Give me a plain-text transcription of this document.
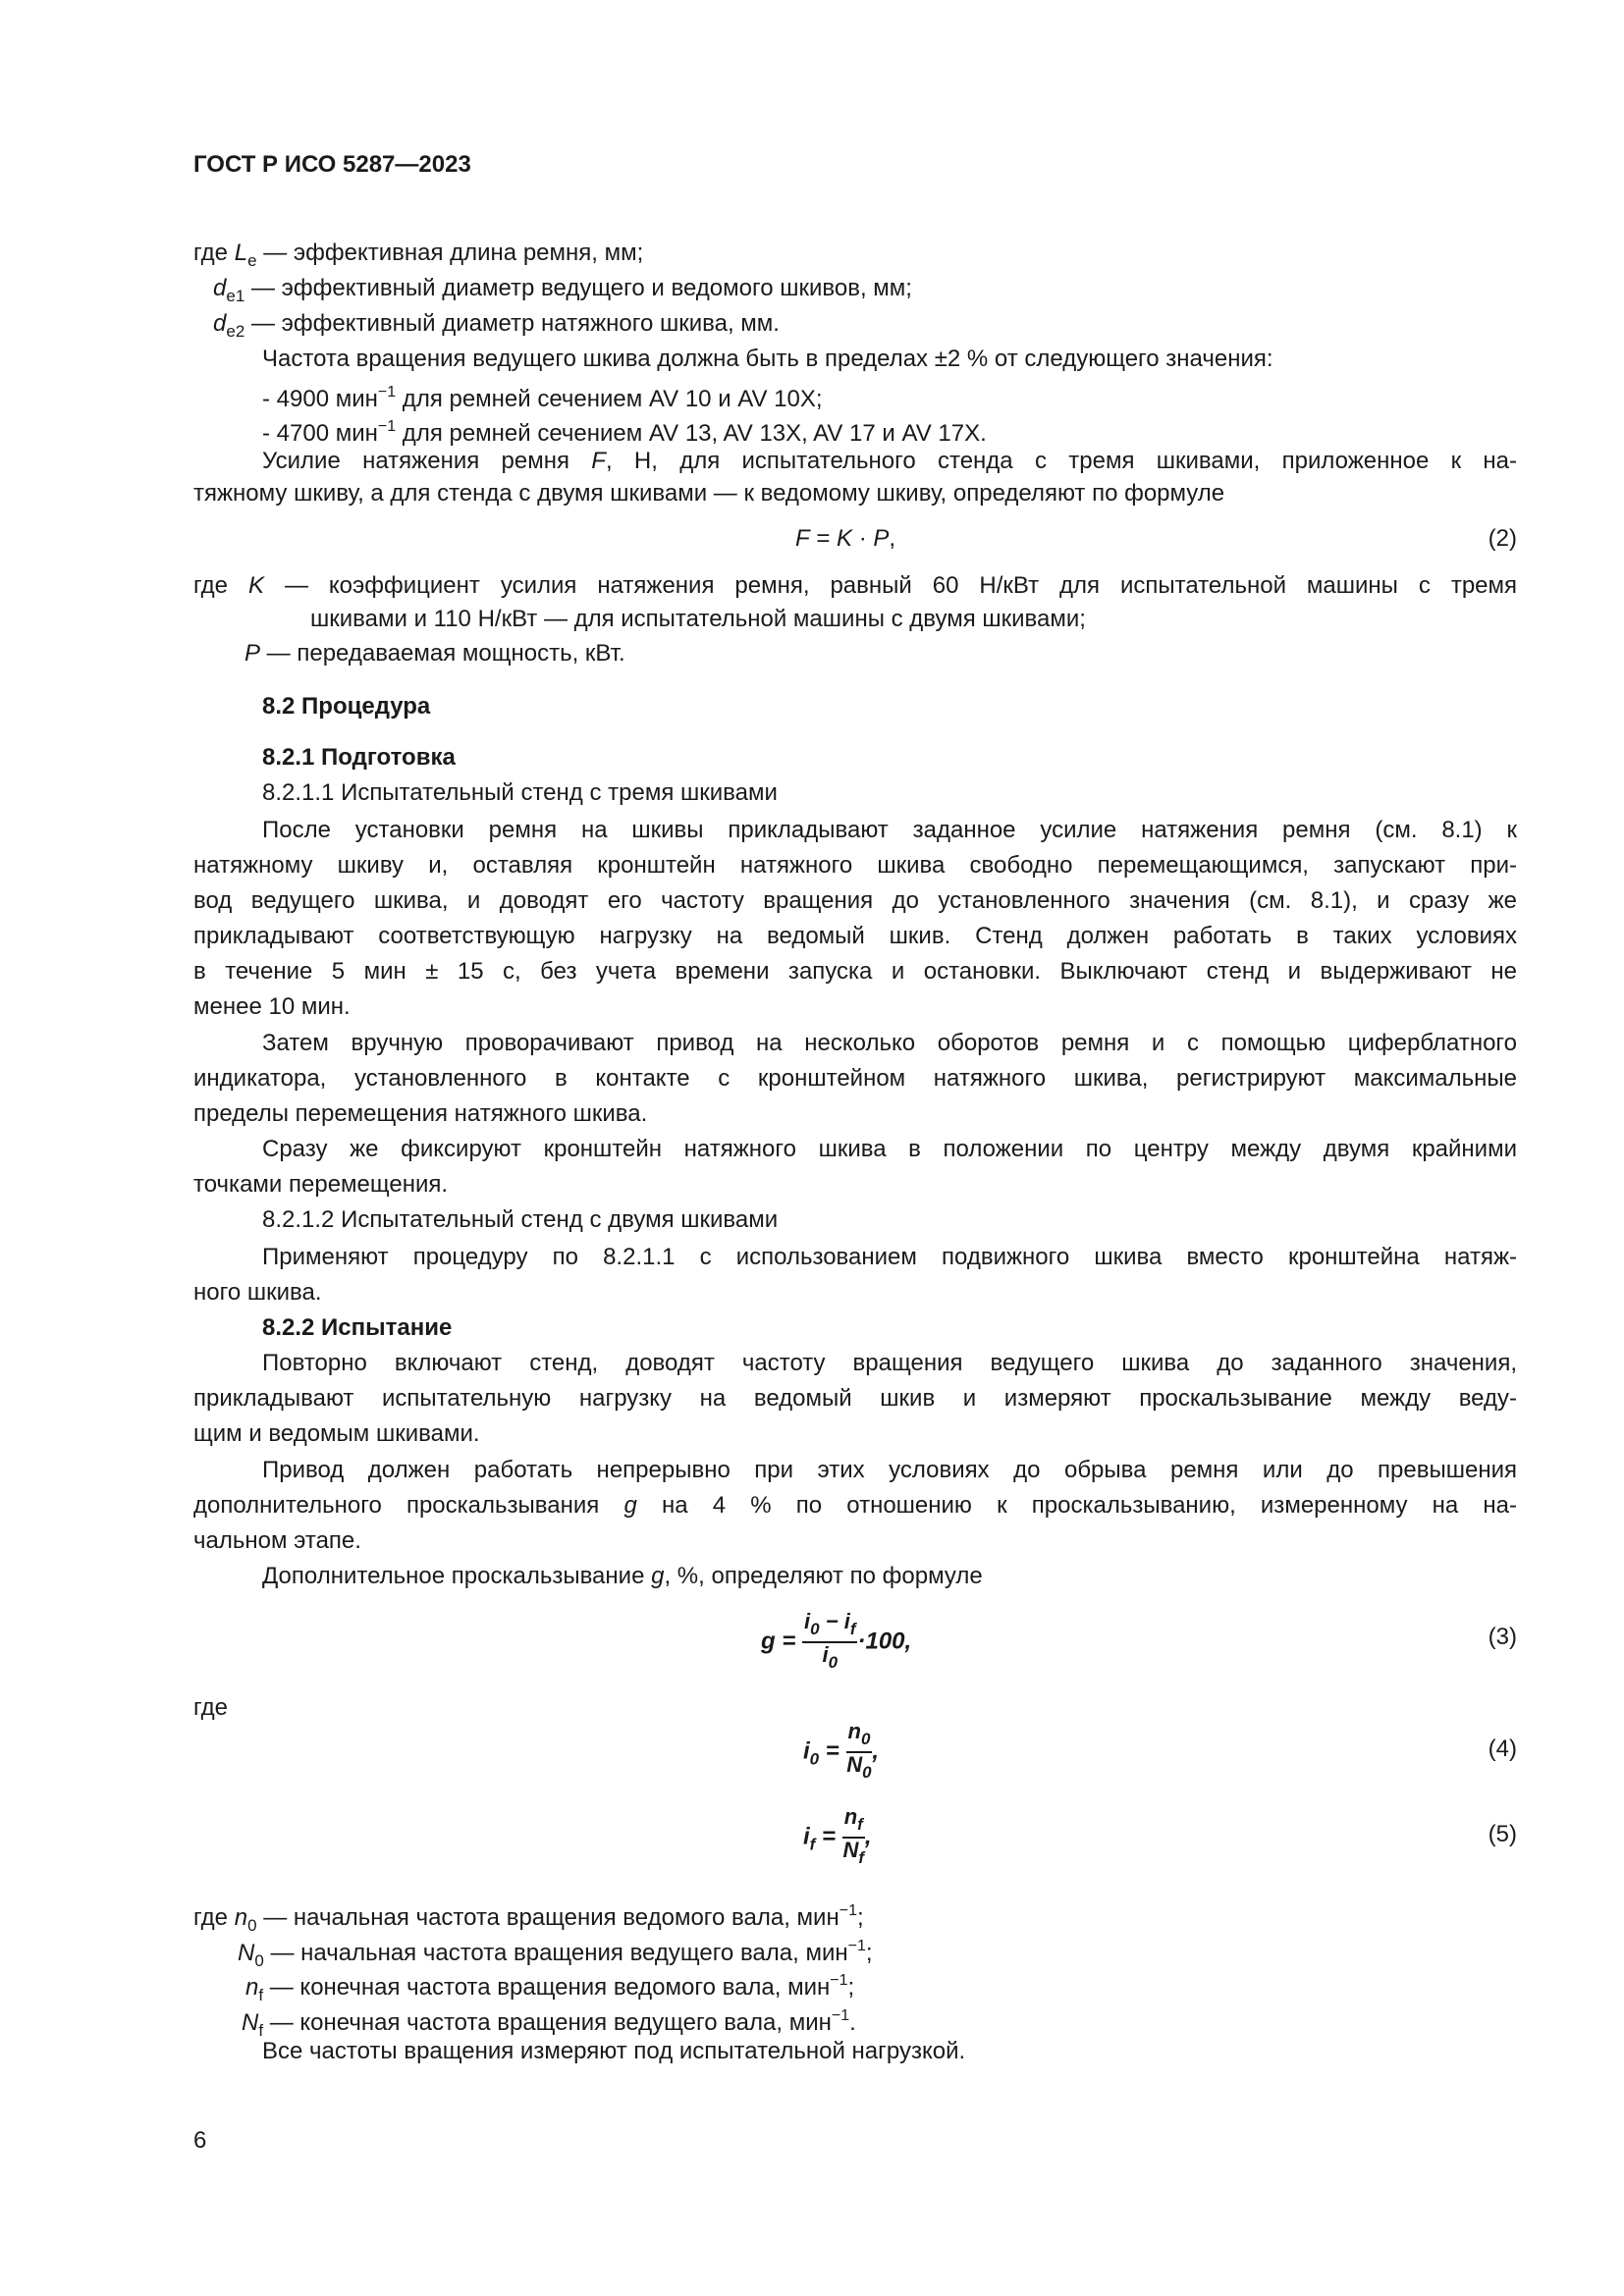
ГОСТ Р ИСО 5287—2023
где $L_e$ — эффективная длина ремня, мм;
$d_{e1}$ — эффективный диаметр ведущего и ведомого шкивов, мм;
$d_{e2}$ — эффективный диаметр натяжного шкива, мм.
Частота вращения ведущего шкива должна быть в пределах ±2 % от следующего значения:
- 4900 мин$^{-1}$ для ремней сечением AV 10 и AV 10X;
- 4700 мин$^{-1}$ для ремней сечением AV 13, AV 13X, AV 17 и AV 17X.
Усилие натяжения ремня F, Н, для испытательного стенда с тремя шкивами, приложенное к на-
тяжному шкиву, а для стенда с двумя шкивами — к ведомому шкиву, определяют по формуле
F = K · P,	(2)
где K — коэффициент усилия натяжения ремня, равный 60 Н/кВт для испытательной машины с тремя
шкивами и 110 Н/кВт — для испытательной машины с двумя шкивами;
P — передаваемая мощность, кВт.
8.2 Процедура
8.2.1 Подготовка
8.2.1.1 Испытательный стенд с тремя шкивами
После установки ремня на шкивы прикладывают заданное усилие натяжения ремня (см. 8.1) к
натяжному шкиву и, оставляя кронштейн натяжного шкива свободно перемещающимся, запускают при-
вод ведущего шкива, и доводят его частоту вращения до установленного значения (см. 8.1), и сразу же
прикладывают соответствующую нагрузку на ведомый шкив. Стенд должен работать в таких условиях
в течение 5 мин ± 15 с, без учета времени запуска и остановки. Выключают стенд и выдерживают не
менее 10 мин.
Затем вручную проворачивают привод на несколько оборотов ремня и с помощью циферблатного
индикатора, установленного в контакте с кронштейном натяжного шкива, регистрируют максимальные
пределы перемещения натяжного шкива.
Сразу же фиксируют кронштейн натяжного шкива в положении по центру между двумя крайними
точками перемещения.
8.2.1.2 Испытательный стенд с двумя шкивами
Применяют процедуру по 8.2.1.1 с использованием подвижного шкива вместо кронштейна натяж-
ного шкива.
8.2.2 Испытание
Повторно включают стенд, доводят частоту вращения ведущего шкива до заданного значения,
прикладывают испытательную нагрузку на ведомый шкив и измеряют проскальзывание между веду-
щим и ведомым шкивами.
Привод должен работать непрерывно при этих условиях до обрыва ремня или до превышения
дополнительного проскальзывания g на 4 % по отношению к проскальзыванию, измеренному на на-
чальном этапе.
Дополнительное проскальзывание g, %, определяют по формуле
$g = \frac{i_0 - i_f}{i_0} \cdot 100$,	(3)
где
$i_0 = \frac{n_0}{N_0}$ ,	(4)
$i_f = \frac{n_f}{N_f}$ ,	(5)
где $n_0$ — начальная частота вращения ведомого вала, мин$^{-1}$;
$N_0$ — начальная частота вращения ведущего вала, мин$^{-1}$;
$n_f$ — конечная частота вращения ведомого вала, мин$^{-1}$;
$N_f$ — конечная частота вращения ведущего вала, мин$^{-1}$.
Все частоты вращения измеряют под испытательной нагрузкой.
6
